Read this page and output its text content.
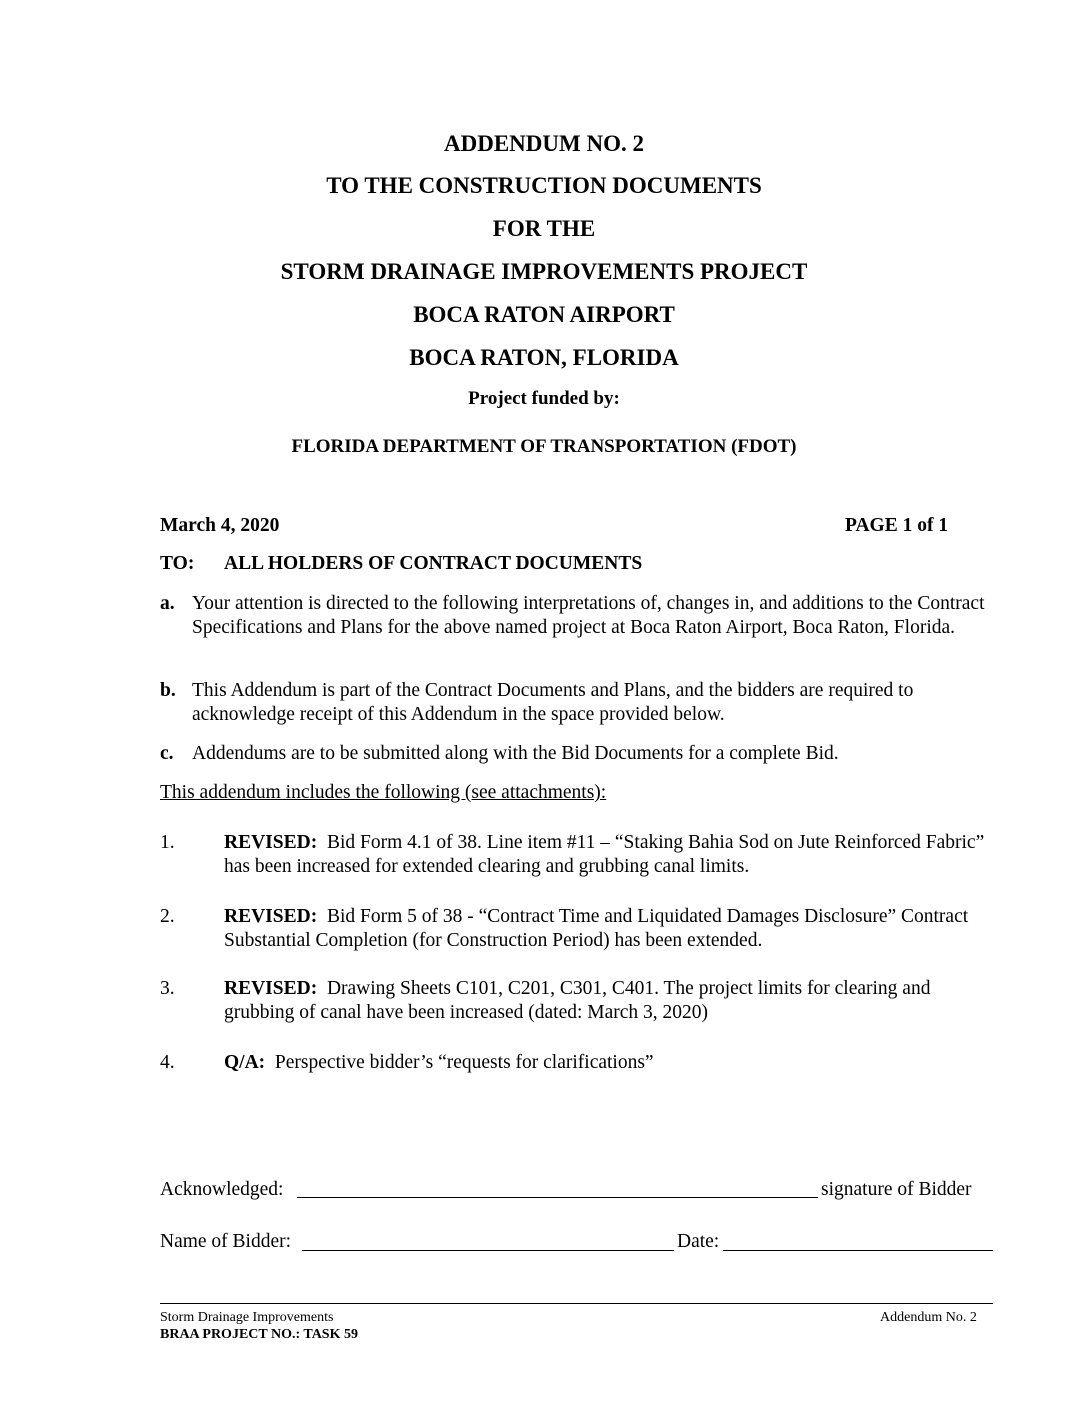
ADDENDUM NO. 2
TO THE CONSTRUCTION DOCUMENTS
FOR THE
STORM DRAINAGE IMPROVEMENTS PROJECT
BOCA RATON AIRPORT
BOCA RATON, FLORIDA
Project funded by:
FLORIDA DEPARTMENT OF TRANSPORTATION (FDOT)
March 4, 2020	PAGE 1 of 1
TO: ALL HOLDERS OF CONTRACT DOCUMENTS
a. Your attention is directed to the following interpretations of, changes in, and additions to the Contract Specifications and Plans for the above named project at Boca Raton Airport, Boca Raton, Florida.
b. This Addendum is part of the Contract Documents and Plans, and the bidders are required to acknowledge receipt of this Addendum in the space provided below.
c. Addendums are to be submitted along with the Bid Documents for a complete Bid.
This addendum includes the following (see attachments):
1.	REVISED: Bid Form 4.1 of 38. Line item #11 – “Staking Bahia Sod on Jute Reinforced Fabric” has been increased for extended clearing and grubbing canal limits.
2.	REVISED: Bid Form 5 of 38 - “Contract Time and Liquidated Damages Disclosure” Contract Substantial Completion (for Construction Period) has been extended.
3.	REVISED: Drawing Sheets C101, C201, C301, C401. The project limits for clearing and grubbing of canal have been increased (dated: March 3, 2020)
4.	Q/A: Perspective bidder’s “requests for clarifications”
Acknowledged:	signature of Bidder
Name of Bidder:	Date:
Storm Drainage Improvements
BRAA PROJECT NO.: TASK 59
Addendum No. 2
